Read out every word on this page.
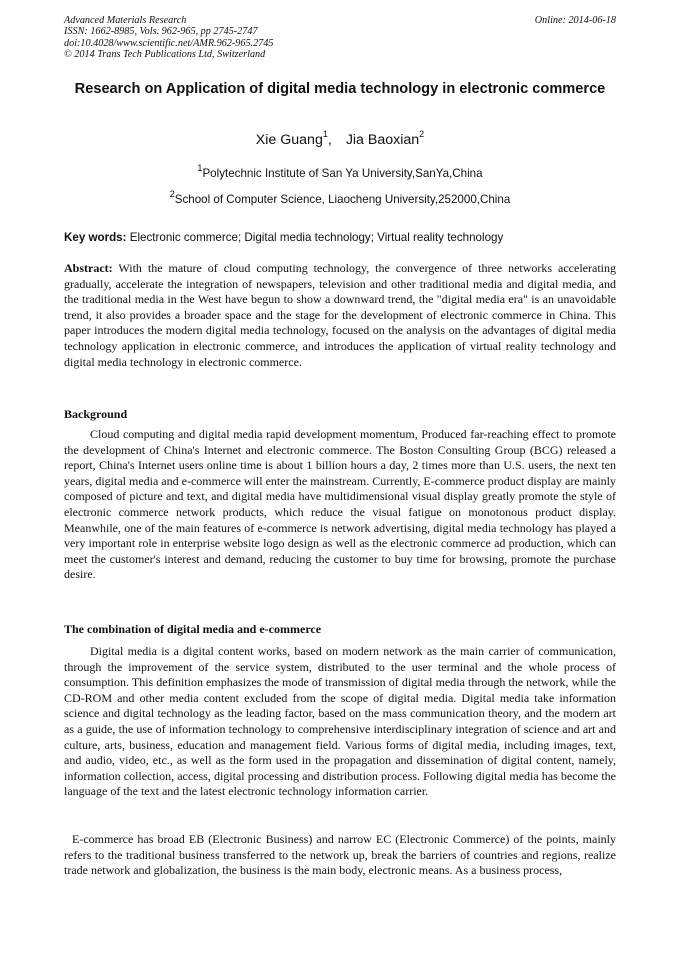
Advanced Materials Research
ISSN: 1662-8985, Vols. 962-965, pp 2745-2747
doi:10.4028/www.scientific.net/AMR.962-965.2745
© 2014 Trans Tech Publications Ltd, Switzerland
Online: 2014-06-18
Research on Application of digital media technology in electronic commerce
Xie Guang$^1$, Jia Baoxian$^2$
$^1$Polytechnic Institute of San Ya University,SanYa,China
$^2$School of Computer Science, Liaocheng University,252000,China
Key words: Electronic commerce; Digital media technology; Virtual reality technology
Abstract: With the mature of cloud computing technology, the convergence of three networks accelerating gradually, accelerate the integration of newspapers, television and other traditional media and digital media, and the traditional media in the West have begun to show a downward trend, the "digital media era" is an unavoidable trend, it also provides a broader space and the stage for the development of electronic commerce in China. This paper introduces the modern digital media technology, focused on the analysis on the advantages of digital media technology application in electronic commerce, and introduces the application of virtual reality technology and digital media technology in electronic commerce.
Background
Cloud computing and digital media rapid development momentum, Produced far-reaching effect to promote the development of China's Internet and electronic commerce. The Boston Consulting Group (BCG) released a report, China's Internet users online time is about 1 billion hours a day, 2 times more than U.S. users, the next ten years, digital media and e-commerce will enter the mainstream. Currently, E-commerce product display are mainly composed of picture and text, and digital media have multidimensional visual display greatly promote the style of electronic commerce network products, which reduce the visual fatigue on monotonous product display. Meanwhile, one of the main features of e-commerce is network advertising, digital media technology has played a very important role in enterprise website logo design as well as the electronic commerce ad production, which can meet the customer's interest and demand, reducing the customer to buy time for browsing, promote the purchase desire.
The combination of digital media and e-commerce
Digital media is a digital content works, based on modern network as the main carrier of communication, through the improvement of the service system, distributed to the user terminal and the whole process of consumption. This definition emphasizes the mode of transmission of digital media through the network, while the CD-ROM and other media content excluded from the scope of digital media. Digital media take information science and digital technology as the leading factor, based on the mass communication theory, and the modern art as a guide, the use of information technology to comprehensive interdisciplinary integration of science and art and culture, arts, business, education and management field. Various forms of digital media, including images, text, and audio, video, etc., as well as the form used in the propagation and dissemination of digital content, namely, information collection, access, digital processing and distribution process. Following digital media has become the language of the text and the latest electronic technology information carrier.
E-commerce has broad EB (Electronic Business) and narrow EC (Electronic Commerce) of the points, mainly refers to the traditional business transferred to the network up, break the barriers of countries and regions, realize trade network and globalization, the business is the main body, electronic means. As a business process,
